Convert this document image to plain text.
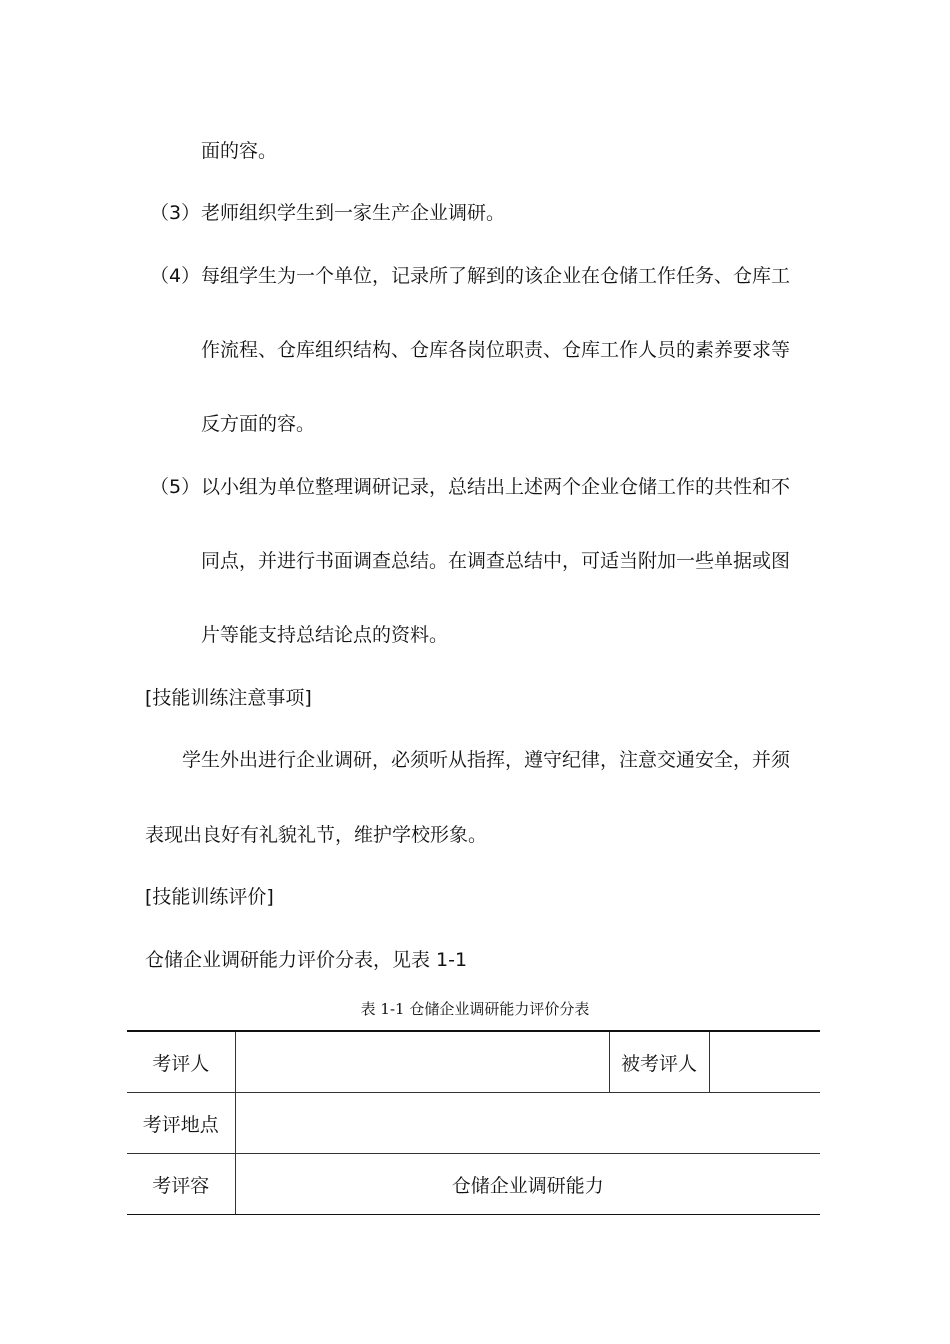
面的容。
（3） 老师组织学生到一家生产企业调研。
（4） 每组学生为一个单位，记录所了解到的该企业在仓储工作任务、仓库工
作流程、仓库组织结构、仓库各岗位职责、仓库工作人员的素养要求等
反方面的容。
（5） 以小组为单位整理调研记录，总结出上述两个企业仓储工作的共性和不
同点，并进行书面调查总结。在调查总结中，可适当附加一些单据或图
片等能支持总结论点的资料。
[技能训练注意事项]
学生外出进行企业调研，必须听从指挥，遵守纪律，注意交通安全，并须
表现出良好有礼貌礼节，维护学校形象。
[技能训练评价]
仓储企业调研能力评价分表，见表 1-1
表 1-1 仓储企业调研能力评价分表
考评人		被考评人	
考评地点			
考评容	仓储企业调研能力		
